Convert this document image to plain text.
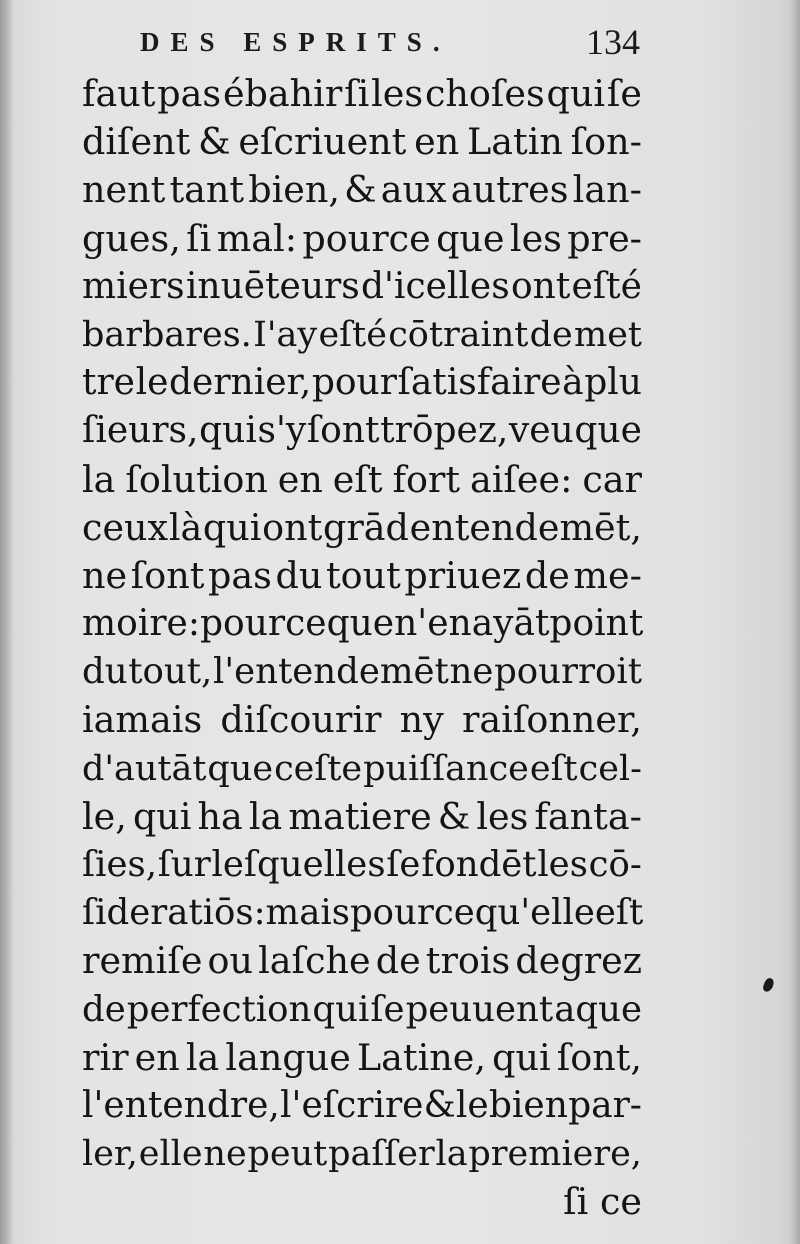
DES ESPRITS.	134
faut pas ébahir ſi les choſes qui ſe
diſent & eſcriuent en Latin ſon-
nent tant bien, & aux autres lan-
gues, ſi mal: pource que les pre-
miers inuēteurs d'icelles ont eſté
barbares. I'ay eſté cōtraint de met
tre le dernier, pour ſatisfaire à plu
ſieurs, qui s'y ſont trōpez, veu que
la ſolution en eſt fort aiſee: car
ceux là qui ont grād entendemēt,
ne ſont pas du tout priuez de me-
moire: pource que n'en ayāt point
du tout, l'entendemēt ne pourroit
iamais diſcourir ny raiſonner,
d'autāt que ceſte puiſſance eſt cel-
le, qui ha la matiere & les fanta-
ſies, ſur leſquelles ſe fondēt les cō-
ſideratiōs: mais pource qu'elle eſt
remiſe ou laſche de trois degrez
de perfection qui ſe peuuent aque
rir en la langue Latine, qui ſont,
l'entendre, l'eſcrire & le bien par-
ler, elle ne peut paſſer la premiere,
ſi ce
